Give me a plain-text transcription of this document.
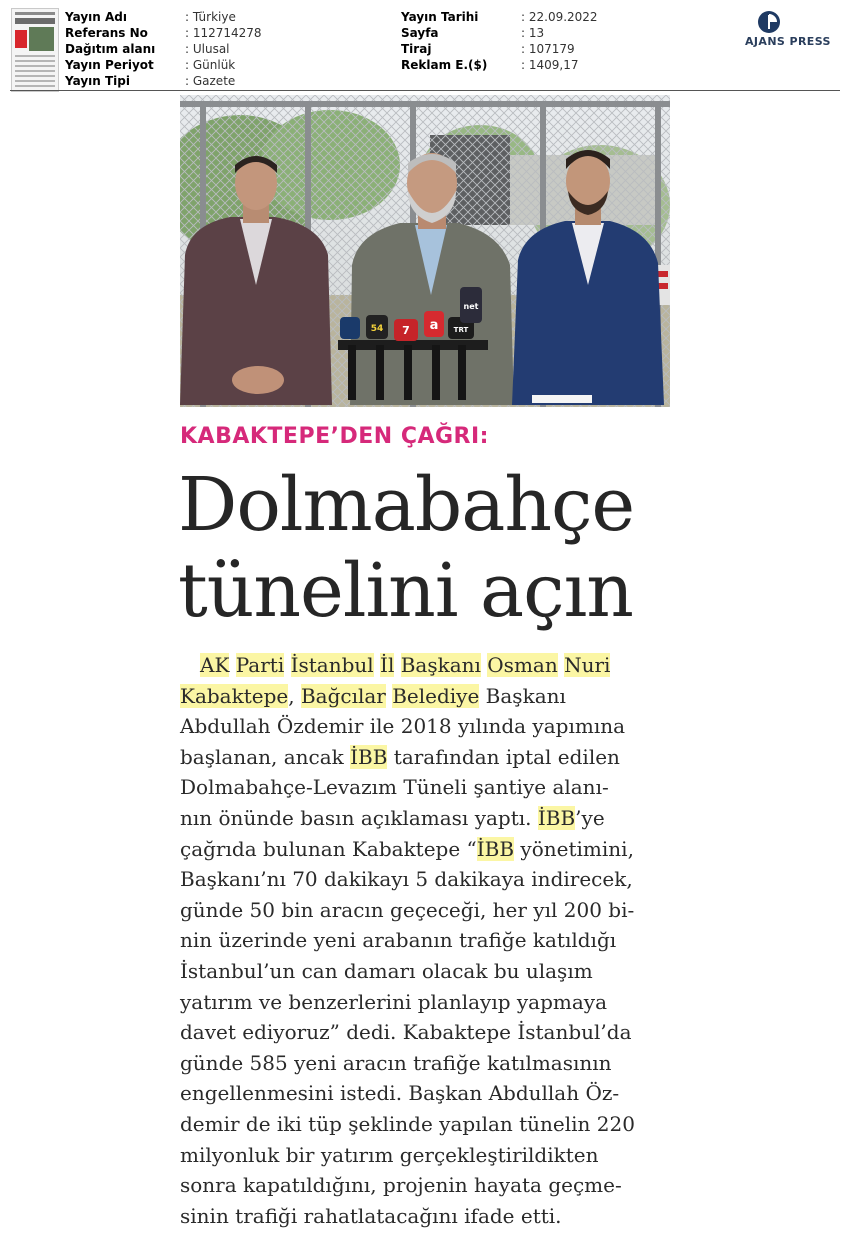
Yayın Adı	: Türkiye
Referans No	: 112714278
Dağıtım alanı	: Ulusal
Yayın Periyot	: Günlük
Yayın Tipi	: Gazete
Yayın Tarihi	: 22.09.2022
Sayfa	: 13
Tiraj	: 107179
Reklam E.($)	: 1409,17
AJANS PRESS
54 7 a TRT
net
KABAKTEPE’DEN ÇAĞRI:
Dolmabahçe
tünelini açın
AK Parti İstanbul İl Başkanı Osman Nuri
Kabaktepe, Bağcılar Belediye Başkanı
Abdullah Özdemir ile 2018 yılında yapımına
başlanan, ancak İBB tarafından iptal edilen
Dolmabahçe-Levazım Tüneli şantiye alanı-
nın önünde basın açıklaması yaptı. İBB’ye
çağrıda bulunan Kabaktepe “İBB yönetimini,
Başkanı’nı 70 dakikayı 5 dakikaya indirecek,
günde 50 bin aracın geçeceği, her yıl 200 bi-
nin üzerinde yeni arabanın trafiğe katıldığı
İstanbul’un can damarı olacak bu ulaşım
yatırım ve benzerlerini planlayıp yapmaya
davet ediyoruz” dedi. Kabaktepe İstanbul’da
günde 585 yeni aracın trafiğe katılmasının
engellenmesini istedi. Başkan Abdullah Öz-
demir de iki tüp şeklinde yapılan tünelin 220
milyonluk bir yatırım gerçekleştirildikten
sonra kapatıldığını, projenin hayata geçme-
sinin trafiği rahatlatacağını ifade etti.
